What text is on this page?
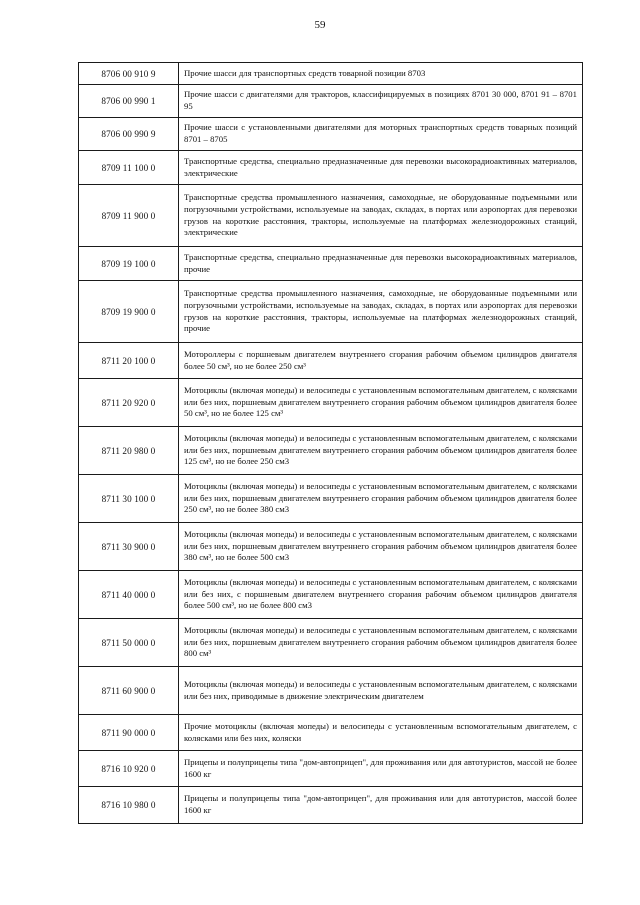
59
8706 00 910 9	Прочие шасси для транспортных средств товарной позиции 8703
8706 00 990 1	Прочие шасси с двигателями для тракторов, классифицируемых в позициях 8701 30 000, 8701 91 – 8701 95
8706 00 990 9	Прочие шасси с установленными двигателями для моторных транспортных средств товарных позиций 8701 – 8705
8709 11 100 0	Транспортные средства, специально предназначенные для перевозки высокорадиоактивных материалов, электрические
8709 11 900 0	Транспортные средства промышленного назначения, самоходные, не оборудованные подъемными или погрузочными устройствами, используемые на заводах, складах, в портах или аэропортах для перевозки грузов на короткие расстояния, тракторы, используемые на платформах железнодорожных станций, электрические
8709 19 100 0	Транспортные средства, специально предназначенные для перевозки высокорадиоактивных материалов, прочие
8709 19 900 0	Транспортные средства промышленного назначения, самоходные, не оборудованные подъемными или погрузочными устройствами, используемые на заводах, складах, в портах или аэропортах для перевозки грузов на короткие расстояния, тракторы, используемые на платформах железнодорожных станций, прочие
8711 20 100 0	Мотороллеры с поршневым двигателем внутреннего сгорания рабочим объемом цилиндров двигателя более 50 см³, но не более 250 см³
8711 20 920 0	Мотоциклы (включая мопеды) и велосипеды с установленным вспомогательным двигателем, с колясками или без них, поршневым двигателем внутреннего сгорания рабочим объемом цилиндров двигателя более 50 см³, но не более 125 см³
8711 20 980 0	Мотоциклы (включая мопеды) и велосипеды с установленным вспомогательным двигателем, с колясками или без них, поршневым двигателем внутреннего сгорания рабочим объемом цилиндров двигателя более 125 см³, но не более 250 см3
8711 30 100 0	Мотоциклы (включая мопеды) и велосипеды с установленным вспомогательным двигателем, с колясками или без них, поршневым двигателем внутреннего сгорания рабочим объемом цилиндров двигателя более 250 см³, но не более 380 см3
8711 30 900 0	Мотоциклы (включая мопеды) и велосипеды с установленным вспомогательным двигателем, с колясками или без них, поршневым двигателем внутреннего сгорания рабочим объемом цилиндров двигателя более 380 см³, но не более 500 см3
8711 40 000 0	Мотоциклы (включая мопеды) и велосипеды с установленным вспомогательным двигателем, с колясками или без них, с поршневым двигателем внутреннего сгорания рабочим объемом цилиндров двигателя более 500 см³, но не более 800 см3
8711 50 000 0	Мотоциклы (включая мопеды) и велосипеды с установленным вспомогательным двигателем, с колясками или без них, поршневым двигателем внутреннего сгорания рабочим объемом цилиндров двигателя более 800 см³
8711 60 900 0	Мотоциклы (включая мопеды) и велосипеды с установленным вспомогательным двигателем, с колясками или без них, приводимые в движение электрическим двигателем
8711 90 000 0	Прочие мотоциклы (включая мопеды) и велосипеды с установленным вспомогательным двигателем, с колясками или без них, коляски
8716 10 920 0	Прицепы и полуприцепы типа "дом-автоприцеп", для проживания или для автотуристов, массой не более 1600 кг
8716 10 980 0	Прицепы и полуприцепы типа "дом-автоприцеп", для проживания или для автотуристов, массой более 1600 кг
